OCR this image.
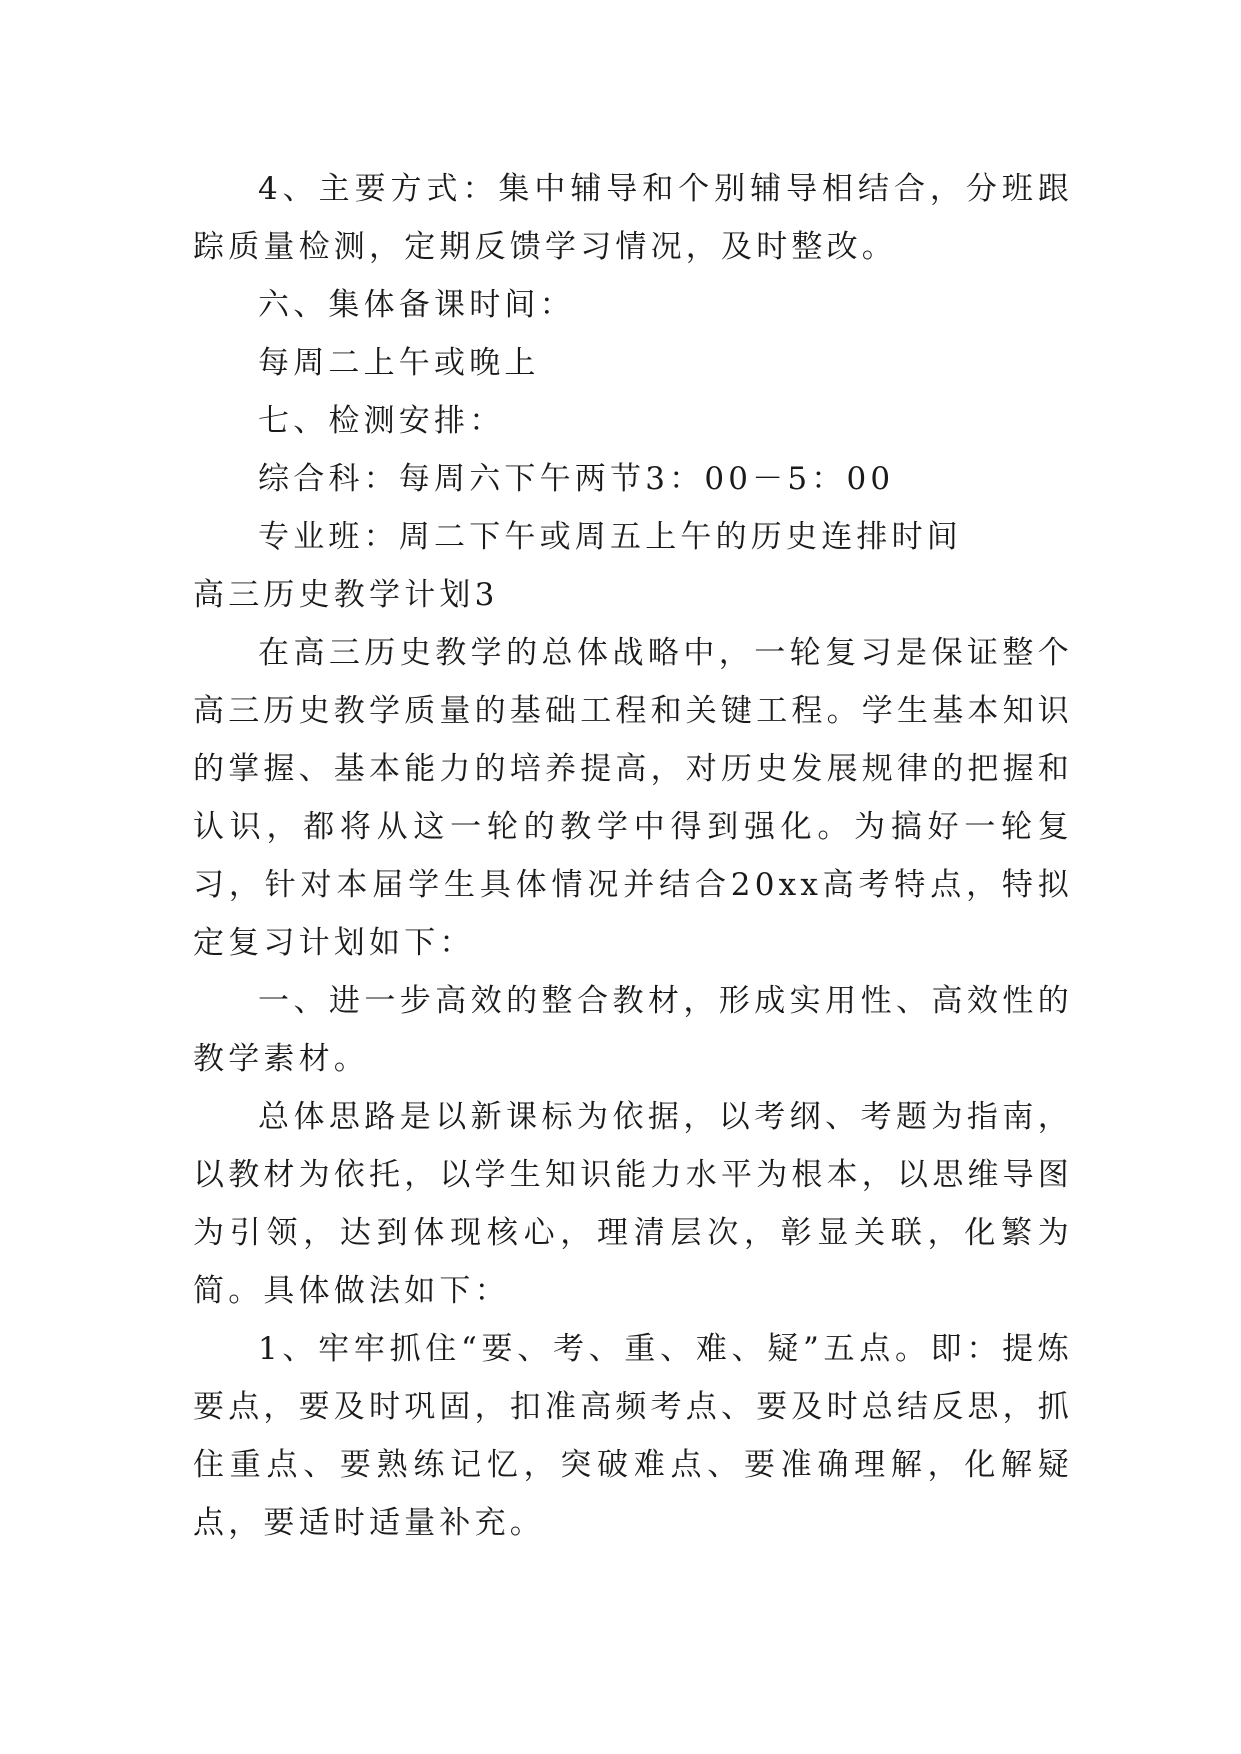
4、主要方式：集中辅导和个别辅导相结合，分班跟踪质量检测，定期反馈学习情况，及时整改。

六、集体备课时间：

每周二上午或晚上

七、检测安排：

综合科：每周六下午两节3：00－5：00

专业班：周二下午或周五上午的历史连排时间

高三历史教学计划3

在高三历史教学的总体战略中，一轮复习是保证整个高三历史教学质量的基础工程和关键工程。学生基本知识的掌握、基本能力的培养提高，对历史发展规律的把握和认识，都将从这一轮的教学中得到强化。为搞好一轮复习，针对本届学生具体情况并结合20xx高考特点，特拟定复习计划如下：

一、进一步高效的整合教材，形成实用性、高效性的教学素材。

总体思路是以新课标为依据，以考纲、考题为指南，以教材为依托，以学生知识能力水平为根本，以思维导图为引领，达到体现核心，理清层次，彰显关联，化繁为简。具体做法如下：

1、牢牢抓住“要、考、重、难、疑”五点。即：提炼要点，要及时巩固，扣准高频考点、要及时总结反思，抓住重点、要熟练记忆，突破难点、要准确理解，化解疑点，要适时适量补充。
